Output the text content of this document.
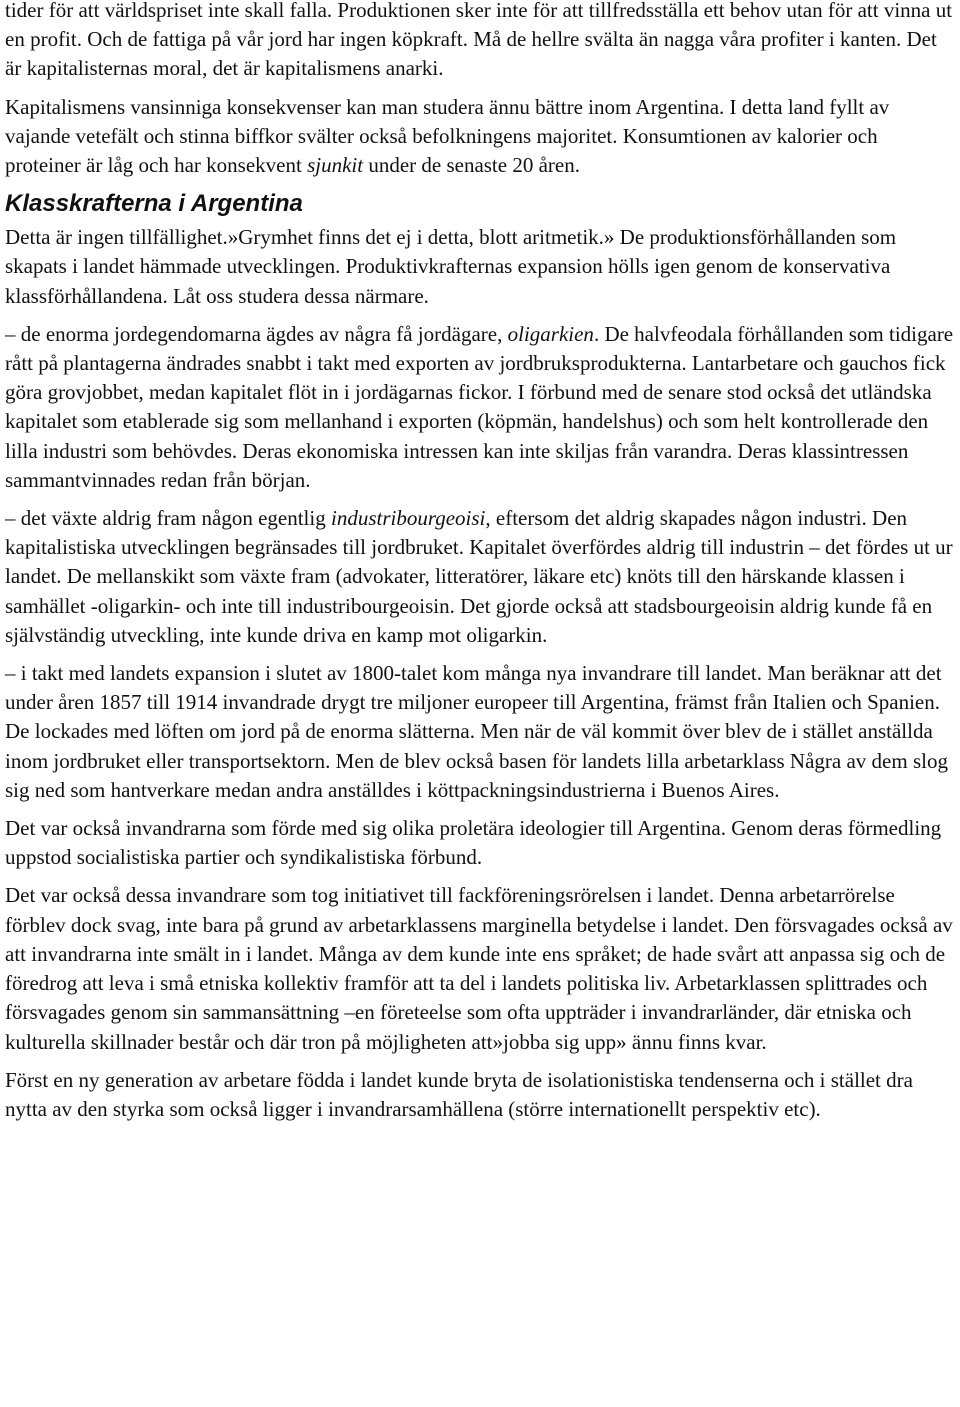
tider för att världspriset inte skall falla. Produktionen sker inte för att tillfredsställa ett behov utan för att vinna ut en profit. Och de fattiga på vår jord har ingen köpkraft. Må de hellre svälta än nagga våra profiter i kanten. Det är kapitalisternas moral, det är kapitalismens anarki.

Kapitalismens vansinniga konsekvenser kan man studera ännu bättre inom Argentina. I detta land fyllt av vajande vetefält och stinna biffkor svälter också befolkningens majoritet. Konsumtionen av kalorier och proteiner är låg och har konsekvent sjunkit under de senaste 20 åren.

Klasskrafterna i Argentina

Detta är ingen tillfällighet.»Grymhet finns det ej i detta, blott aritmetik.» De produktionsförhållanden som skapats i landet hämmade utvecklingen. Produktivkrafternas expansion hölls igen genom de konservativa klassförhållandena. Låt oss studera dessa närmare.

– de enorma jordegendomarna ägdes av några få jordägare, oligarkien. De halvfeodala förhållanden som tidigare rått på plantagerna ändrades snabbt i takt med exporten av jordbruksprodukterna. Lantarbetare och gauchos fick göra grovjobbet, medan kapitalet flöt in i jordägarnas fickor. I förbund med de senare stod också det utländska kapitalet som etablerade sig som mellanhand i exporten (köpmän, handelshus) och som helt kontrollerade den lilla industri som behövdes. Deras ekonomiska intressen kan inte skiljas från varandra. Deras klassintressen sammantvinnades redan från början.

– det växte aldrig fram någon egentlig industribourgeoisi, eftersom det aldrig skapades någon industri. Den kapitalistiska utvecklingen begränsades till jordbruket. Kapitalet överfördes aldrig till industrin – det fördes ut ur landet. De mellanskikt som växte fram (advokater, litteratörer, läkare etc) knöts till den härskande klassen i samhället -oligarkin- och inte till industribourgeoisin. Det gjorde också att stadsbourgeoisin aldrig kunde få en självständig utveckling, inte kunde driva en kamp mot oligarkin.

– i takt med landets expansion i slutet av 1800-talet kom många nya invandrare till landet. Man beräknar att det under åren 1857 till 1914 invandrade drygt tre miljoner europeer till Argentina, främst från Italien och Spanien. De lockades med löften om jord på de enorma slätterna. Men när de väl kommit över blev de i stället anställda inom jordbruket eller transportsektorn. Men de blev också basen för landets lilla arbetarklass Några av dem slog sig ned som hantverkare medan andra anställdes i köttpackningsindustrierna i Buenos Aires.

Det var också invandrarna som förde med sig olika proletära ideologier till Argentina. Genom deras förmedling uppstod socialistiska partier och syndikalistiska förbund.

Det var också dessa invandrare som tog initiativet till fackföreningsrörelsen i landet. Denna arbetarrörelse förblev dock svag, inte bara på grund av arbetarklassens marginella betydelse i landet. Den försvagades också av att invandrarna inte smält in i landet. Många av dem kunde inte ens språket; de hade svårt att anpassa sig och de föredrog att leva i små etniska kollektiv framför att ta del i landets politiska liv. Arbetarklassen splittrades och försvagades genom sin sammansättning –en företeelse som ofta uppträder i invandrarländer, där etniska och kulturella skillnader består och där tron på möjligheten att»jobba sig upp» ännu finns kvar.

Först en ny generation av arbetare födda i landet kunde bryta de isolationistiska tendenserna och i stället dra nytta av den styrka som också ligger i invandrarsamhällena (större internationellt perspektiv etc).
